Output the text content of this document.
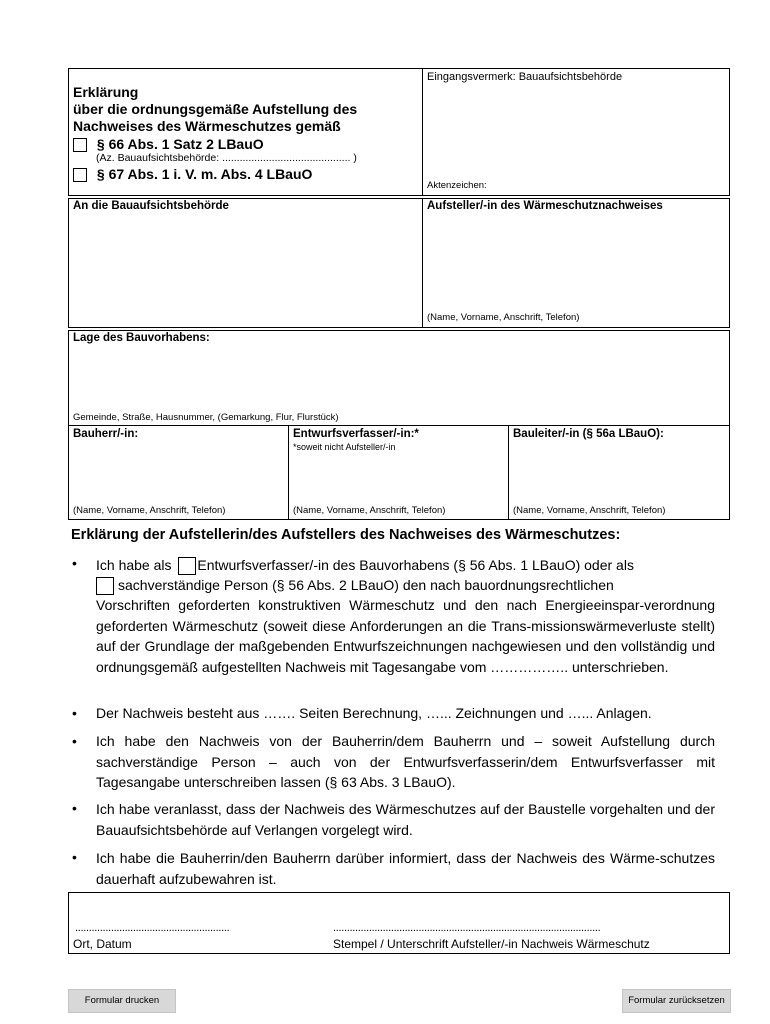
Erklärung
über die ordnungsgemäße Aufstellung des
Nachweises des Wärmeschutzes gemäß
§ 66 Abs. 1 Satz 2 LBauO
(Az. Bauaufsichtsbehörde: ............................................ )
§ 67 Abs. 1 i. V. m. Abs. 4 LBauO
Eingangsvermerk: Bauaufsichtsbehörde
Aktenzeichen:
An die Bauaufsichtsbehörde	Aufsteller/-in des Wärmeschutznachweises
(Name, Vorname, Anschrift, Telefon)
Lage des Bauvorhabens:
Gemeinde, Straße, Hausnummer, (Gemarkung, Flur, Flurstück)
Bauherr/-in:	Entwurfsverfasser/-in:*
*soweit nicht Aufsteller/-in
Bauleiter/-in (§ 56a LBauO):
(Name, Vorname, Anschrift, Telefon)	(Name, Vorname, Anschrift, Telefon)	(Name, Vorname, Anschrift, Telefon)
Erklärung der Aufstellerin/des Aufstellers des Nachweises des Wärmeschutzes:
• Ich habe als Entwurfsverfasser/-in des Bauvorhabens (§ 56 Abs. 1 LBauO) oder als
sachverständige Person (§ 56 Abs. 2 LBauO) den nach bauordnungsrechtlichen
Vorschriften geforderten konstruktiven Wärmeschutz und den nach Energieeinspar-verordnung geforderten Wärmeschutz (soweit diese Anforderungen an die Trans-missionswärmeverluste stellt) auf der Grundlage der maßgebenden Entwurfszeichnungen nachgewiesen und den vollständig und ordnungsgemäß aufgestellten Nachweis mit Tagesangabe vom …………….. unterschrieben.
• Der Nachweis besteht aus ……. Seiten Berechnung, …... Zeichnungen und …... Anlagen.
• Ich habe den Nachweis von der Bauherrin/dem Bauherrn und – soweit Aufstellung durch sachverständige Person – auch von der Entwurfsverfasserin/dem Entwurfsverfasser mit Tagesangabe unterschreiben lassen (§ 63 Abs. 3 LBauO).
• Ich habe veranlasst, dass der Nachweis des Wärmeschutzes auf der Baustelle vorgehalten und der Bauaufsichtsbehörde auf Verlangen vorgelegt wird.
• Ich habe die Bauherrin/den Bauherrn darüber informiert, dass der Nachweis des Wärme-schutzes dauerhaft aufzubewahren ist.
........................................................	.................................................................................................
Ort, Datum	Stempel / Unterschrift Aufsteller/-in Nachweis Wärmeschutz
Formular drucken	Formular zurücksetzen
